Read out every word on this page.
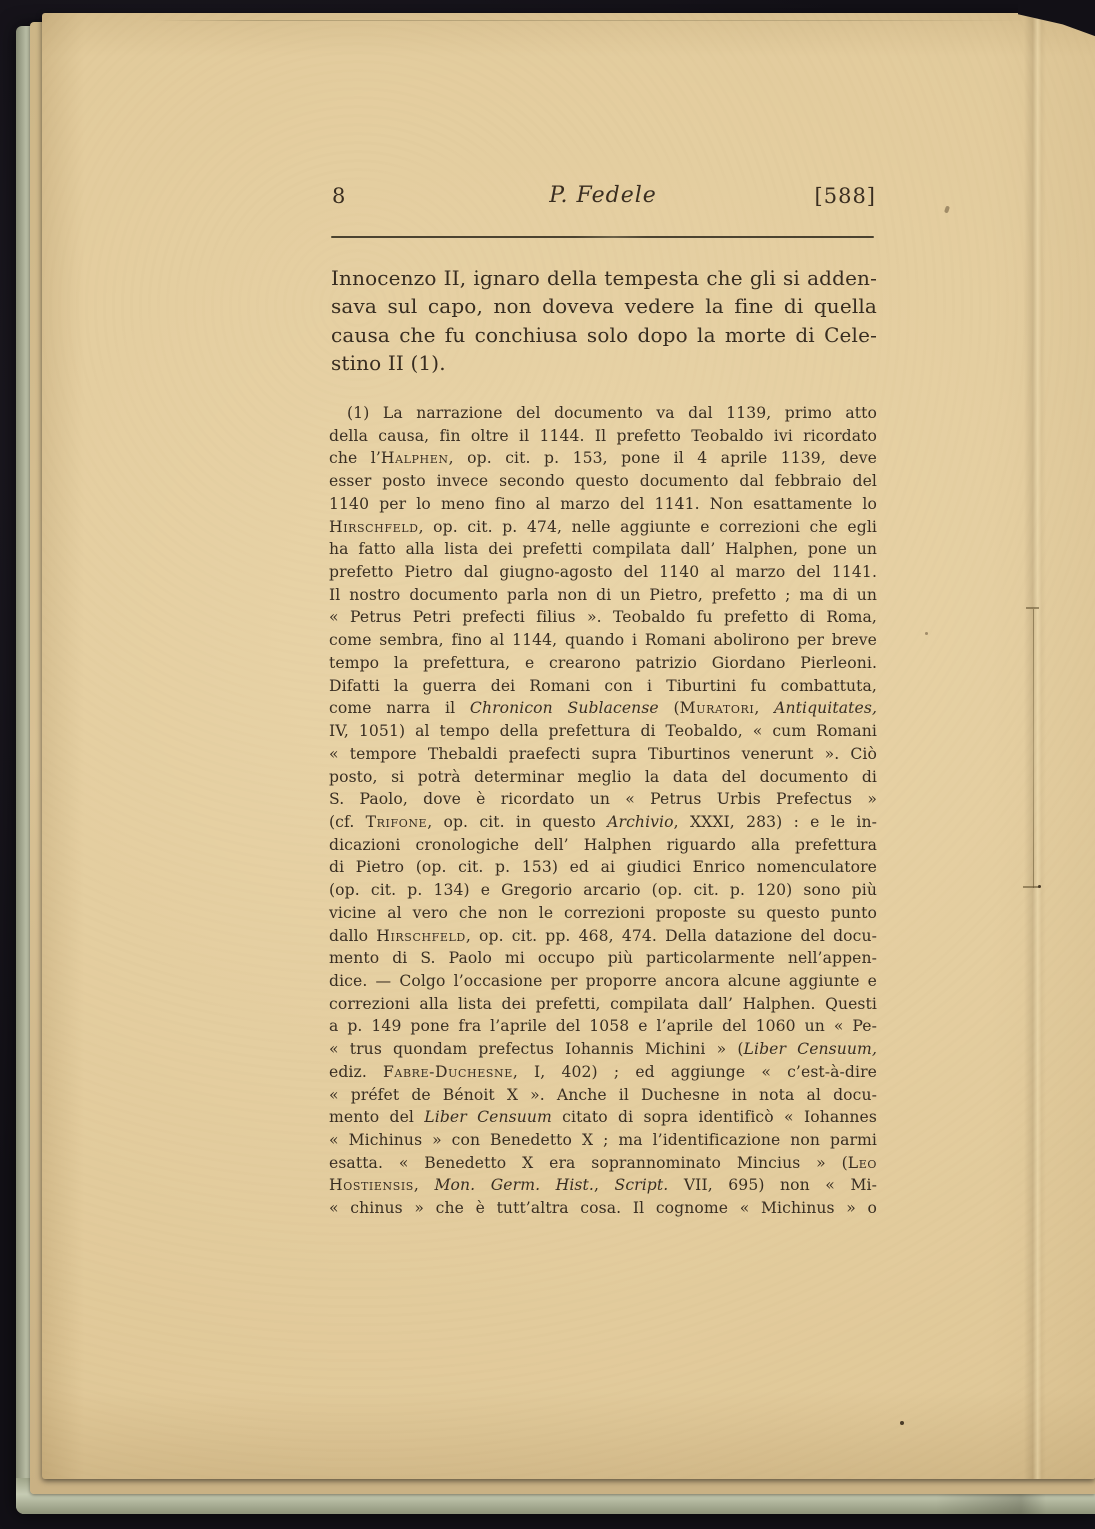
8	P. Fedele	[588]
Innocenzo II, ignaro della tempesta che gli si adden-
sava sul capo, non doveva vedere la fine di quella
causa che fu conchiusa solo dopo la morte di Cele-
stino II (1).
(1) La narrazione del documento va dal 1139, primo atto
della causa, fin oltre il 1144. Il prefetto Teobaldo ivi ricordato
che l’Halphen, op. cit. p. 153, pone il 4 aprile 1139, deve
esser posto invece secondo questo documento dal febbraio del
1140 per lo meno fino al marzo del 1141. Non esattamente lo
Hirschfeld, op. cit. p. 474, nelle aggiunte e correzioni che egli
ha fatto alla lista dei prefetti compilata dall’ Halphen, pone un
prefetto Pietro dal giugno-agosto del 1140 al marzo del 1141.
Il nostro documento parla non di un Pietro, prefetto ; ma di un
« Petrus Petri prefecti filius ». Teobaldo fu prefetto di Roma,
come sembra, fino al 1144, quando i Romani abolirono per breve
tempo la prefettura, e crearono patrizio Giordano Pierleoni.
Difatti la guerra dei Romani con i Tiburtini fu combattuta,
come narra il Chronicon Sublacense (Muratori, Antiquitates,
IV, 1051) al tempo della prefettura di Teobaldo, « cum Romani
« tempore Thebaldi praefecti supra Tiburtinos venerunt ». Ciò
posto, si potrà determinar meglio la data del documento di
S. Paolo, dove è ricordato un « Petrus Urbis Prefectus »
(cf. Trifone, op. cit. in questo Archivio, XXXI, 283) : e le in-
dicazioni cronologiche dell’ Halphen riguardo alla prefettura
di Pietro (op. cit. p. 153) ed ai giudici Enrico nomenculatore
(op. cit. p. 134) e Gregorio arcario (op. cit. p. 120) sono più
vicine al vero che non le correzioni proposte su questo punto
dallo Hirschfeld, op. cit. pp. 468, 474. Della datazione del docu-
mento di S. Paolo mi occupo più particolarmente nell’appen-
dice. — Colgo l’occasione per proporre ancora alcune aggiunte e
correzioni alla lista dei prefetti, compilata dall’ Halphen. Questi
a p. 149 pone fra l’aprile del 1058 e l’aprile del 1060 un « Pe-
« trus quondam prefectus Iohannis Michini » (Liber Censuum,
ediz. Fabre-Duchesne, I, 402) ; ed aggiunge « c’est-à-dire
« préfet de Bénoit X ». Anche il Duchesne in nota al docu-
mento del Liber Censuum citato di sopra identificò « Iohannes
« Michinus » con Benedetto X ; ma l’identificazione non parmi
esatta. « Benedetto X era soprannominato Mincius » (Leo
Hostiensis, Mon. Germ. Hist., Script. VII, 695) non « Mi-
« chinus » che è tutt’altra cosa. Il cognome « Michinus » o
